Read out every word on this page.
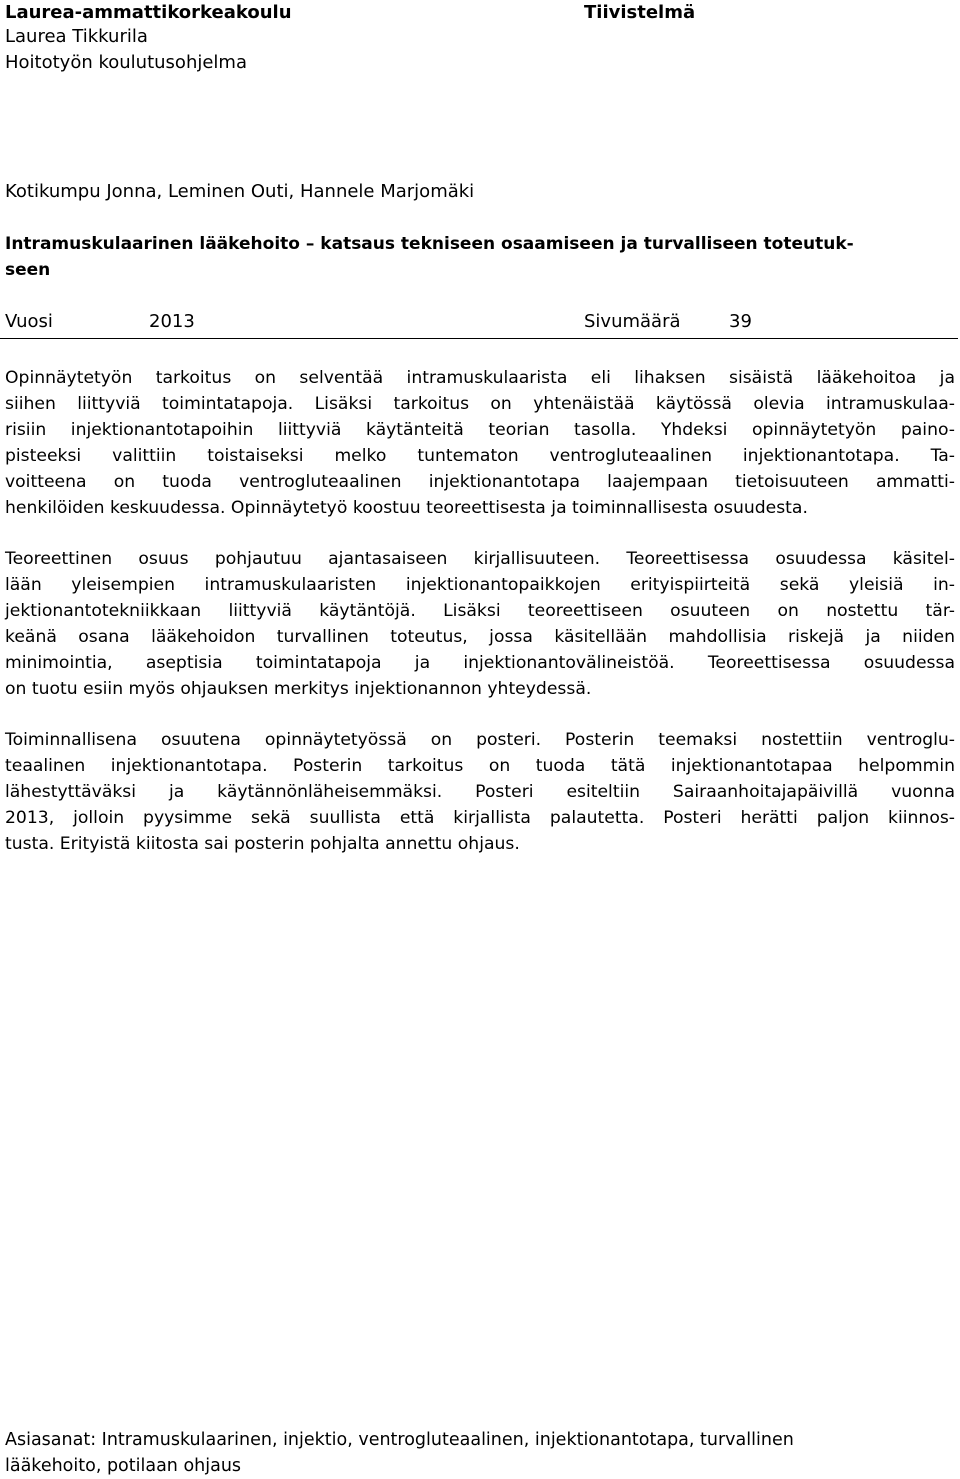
Laurea-ammattikorkeakoulu	Tiivistelmä
Laurea Tikkurila
Hoitotyön koulutusohjelma
Kotikumpu Jonna, Leminen Outi, Hannele Marjomäki
Intramuskulaarinen lääkehoito – katsaus tekniseen osaamiseen ja turvalliseen toteutuk-
seen
Vuosi	2013	Sivumäärä	39
Opinnäytetyön tarkoitus on selventää intramuskulaarista eli lihaksen sisäistä lääkehoitoa ja
siihen liittyviä toimintatapoja. Lisäksi tarkoitus on yhtenäistää käytössä olevia intramuskulaa-
risiin injektionantotapoihin liittyviä käytänteitä teorian tasolla. Yhdeksi opinnäytetyön paino-
pisteeksi valittiin toistaiseksi melko tuntematon ventrogluteaalinen injektionantotapa. Ta-
voitteena on tuoda ventrogluteaalinen injektionantotapa laajempaan tietoisuuteen ammatti-
henkilöiden keskuudessa. Opinnäytetyö koostuu teoreettisesta ja toiminnallisesta osuudesta.
Teoreettinen osuus pohjautuu ajantasaiseen kirjallisuuteen. Teoreettisessa osuudessa käsitel-
lään yleisempien intramuskulaaristen injektionantopaikkojen erityispiirteitä sekä yleisiä in-
jektionantotekniikkaan liittyviä käytäntöjä. Lisäksi teoreettiseen osuuteen on nostettu tär-
keänä osana lääkehoidon turvallinen toteutus, jossa käsitellään mahdollisia riskejä ja niiden
minimointia, aseptisia toimintatapoja ja injektionantovälineistöä. Teoreettisessa osuudessa
on tuotu esiin myös ohjauksen merkitys injektionannon yhteydessä.
Toiminnallisena osuutena opinnäytetyössä on posteri. Posterin teemaksi nostettiin ventroglu-
teaalinen injektionantotapa. Posterin tarkoitus on tuoda tätä injektionantotapaa helpommin
lähestyttäväksi ja käytännönläheisemmäksi. Posteri esiteltiin Sairaanhoitajapäivillä vuonna
2013, jolloin pyysimme sekä suullista että kirjallista palautetta. Posteri herätti paljon kiinnos-
tusta. Erityistä kiitosta sai posterin pohjalta annettu ohjaus.
Asiasanat: Intramuskulaarinen, injektio, ventrogluteaalinen, injektionantotapa, turvallinen
lääkehoito, potilaan ohjaus
